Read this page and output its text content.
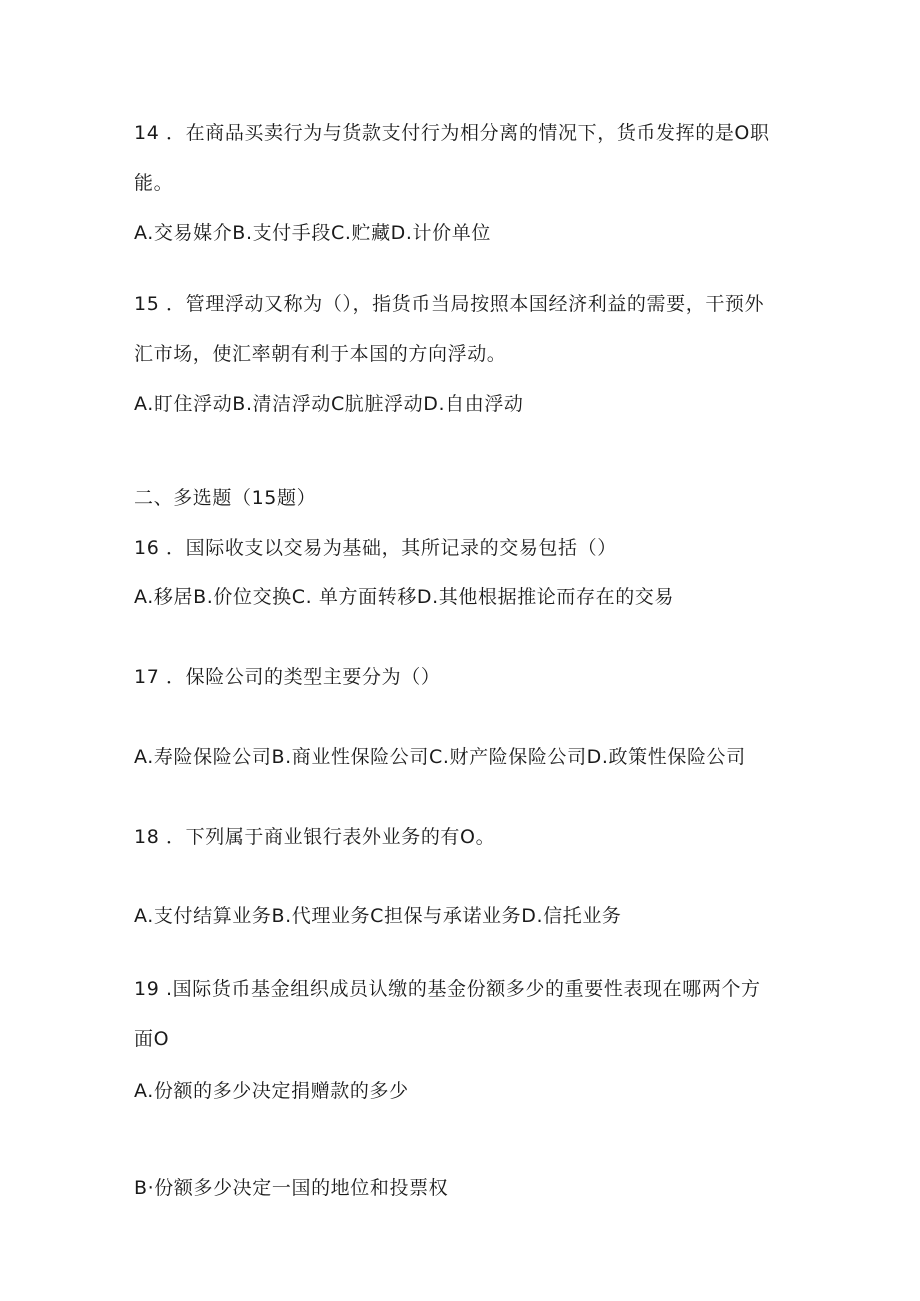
14 ．在商品买卖行为与货款支付行为相分离的情况下，货币发挥的是O职
能。
A.交易媒介B.支付手段C.贮藏D.计价单位
15 ．管理浮动又称为（），指货币当局按照本国经济利益的需要，干预外
汇市场，使汇率朝有利于本国的方向浮动。
A.盯住浮动B.清洁浮动C肮脏浮动D.自由浮动
二、多选题（15题）
16 ．国际收支以交易为基础，其所记录的交易包括（）
A.移居B.价位交换C. 单方面转移D.其他根据推论而存在的交易
17 ．保险公司的类型主要分为（）
A.寿险保险公司B.商业性保险公司C.财产险保险公司D.政策性保险公司
18 ．下列属于商业银行表外业务的有O。
A.支付结算业务B.代理业务C担保与承诺业务D.信托业务
19 .国际货币基金组织成员认缴的基金份额多少的重要性表现在哪两个方
面O
A.份额的多少决定捐赠款的多少
B·份额多少决定一国的地位和投票权
